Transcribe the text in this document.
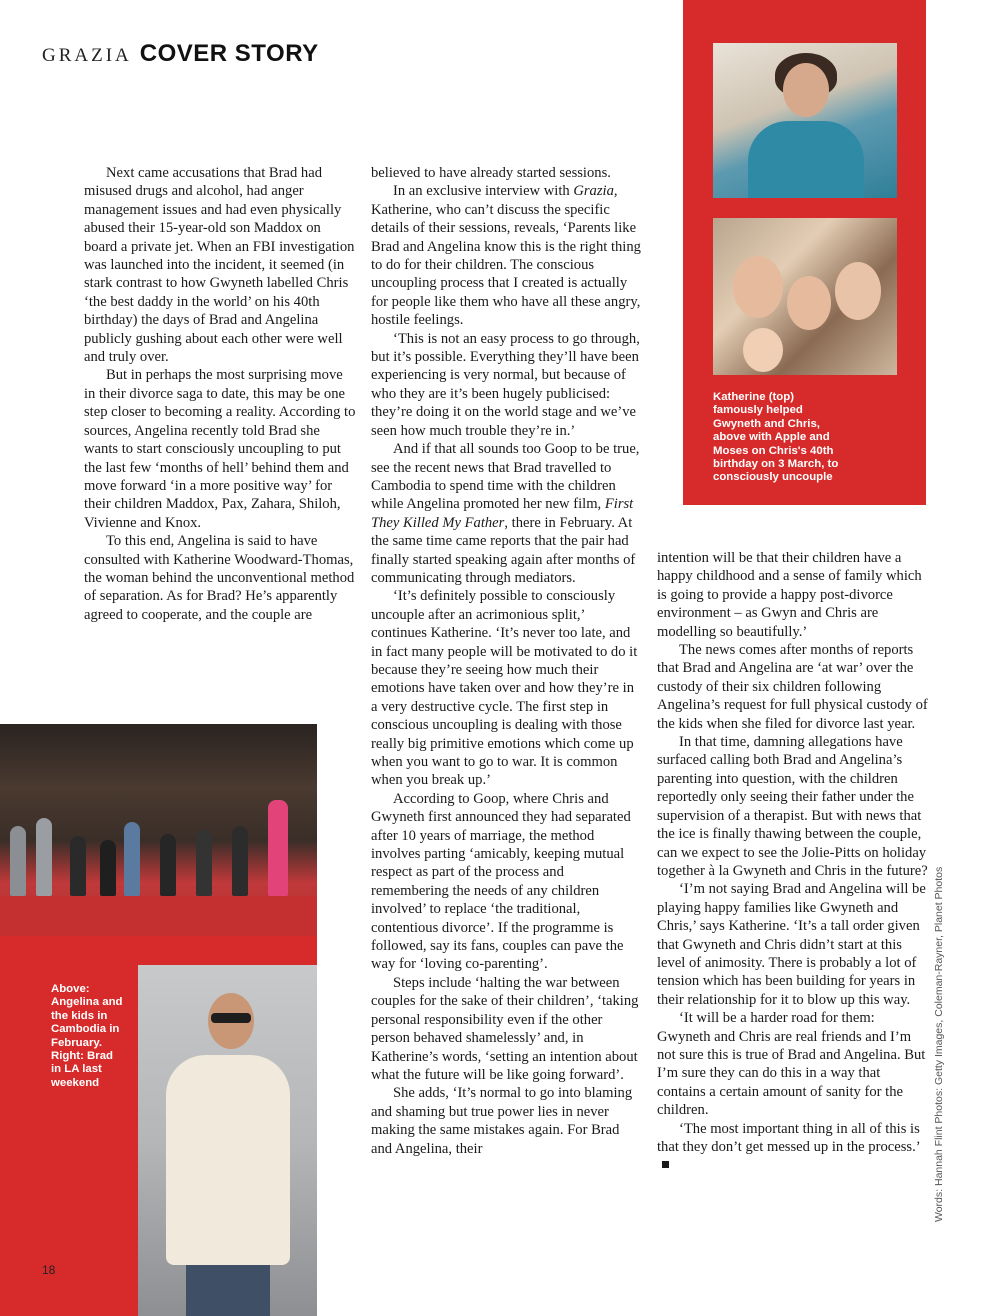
GRAZIA COVER STORY
Katherine (top) famously helped Gwyneth and Chris, above with Apple and Moses on Chris's 40th birthday on 3 March, to consciously uncouple

Next came accusations that Brad had misused drugs and alcohol, had anger management issues and had even physically abused their 15-year-old son Maddox on board a private jet. When an FBI investigation was launched into the incident, it seemed (in stark contrast to how Gwyneth labelled Chris ‘the best daddy in the world’ on his 40th birthday) the days of Brad and Angelina publicly gushing about each other were well and truly over.

But in perhaps the most surprising move in their divorce saga to date, this may be one step closer to becoming a reality. According to sources, Angelina recently told Brad she wants to start consciously uncoupling to put the last few ‘months of hell’ behind them and move forward ‘in a more positive way’ for their children Maddox, Pax, Zahara, Shiloh, Vivienne and Knox.

To this end, Angelina is said to have consulted with Katherine Woodward-Thomas, the woman behind the unconventional method of separation. As for Brad? He’s apparently agreed to cooperate, and the couple are

believed to have already started sessions.

In an exclusive interview with Grazia, Katherine, who can’t discuss the specific details of their sessions, reveals, ‘Parents like Brad and Angelina know this is the right thing to do for their children. The conscious uncoupling process that I created is actually for people like them who have all these angry, hostile feelings.

‘This is not an easy process to go through, but it’s possible. Everything they’ll have been experiencing is very normal, but because of who they are it’s been hugely publicised: they’re doing it on the world stage and we’ve seen how much trouble they’re in.’

And if that all sounds too Goop to be true, see the recent news that Brad travelled to Cambodia to spend time with the children while Angelina promoted her new film, First They Killed My Father, there in February. At the same time came reports that the pair had finally started speaking again after months of communicating through mediators.

‘It’s definitely possible to consciously uncouple after an acrimonious split,’ continues Katherine. ‘It’s never too late, and in fact many people will be motivated to do it because they’re seeing how much their emotions have taken over and how they’re in a very destructive cycle. The first step in conscious uncoupling is dealing with those really big primitive emotions which come up when you want to go to war. It is common when you break up.’

According to Goop, where Chris and Gwyneth first announced they had separated after 10 years of marriage, the method involves parting ‘amicably, keeping mutual respect as part of the process and remembering the needs of any children involved’ to replace ‘the traditional, contentious divorce’. If the programme is followed, say its fans, couples can pave the way for ‘loving co-parenting’.

Steps include ‘halting the war between couples for the sake of their children’, ‘taking personal responsibility even if the other person behaved shamelessly’ and, in Katherine’s words, ‘setting an intention about what the future will be like going forward’.

She adds, ‘It’s normal to go into blaming and shaming but true power lies in never making the same mistakes again. For Brad and Angelina, their

intention will be that their children have a happy childhood and a sense of family which is going to provide a happy post-divorce environment – as Gwyn and Chris are modelling so beautifully.’

The news comes after months of reports that Brad and Angelina are ‘at war’ over the custody of their six children following Angelina’s request for full physical custody of the kids when she filed for divorce last year.

In that time, damning allegations have surfaced calling both Brad and Angelina’s parenting into question, with the children reportedly only seeing their father under the supervision of a therapist. But with news that the ice is finally thawing between the couple, can we expect to see the Jolie-Pitts on holiday together à la Gwyneth and Chris in the future?

‘I’m not saying Brad and Angelina will be playing happy families like Gwyneth and Chris,’ says Katherine. ‘It’s a tall order given that Gwyneth and Chris didn’t start at this level of animosity. There is probably a lot of tension which has been building for years in their relationship for it to blow up this way.

‘It will be a harder road for them: Gwyneth and Chris are real friends and I’m not sure this is true of Brad and Angelina. But I’m sure they can do this in a way that contains a certain amount of sanity for the children.

‘The most important thing in all of this is that they don’t get messed up in the process.’

Above: Angelina and the kids in Cambodia in February. Right: Brad in LA last weekend	Words: Hannah Flint Photos: Getty Images, Coleman-Rayner, Planet Photos
18
